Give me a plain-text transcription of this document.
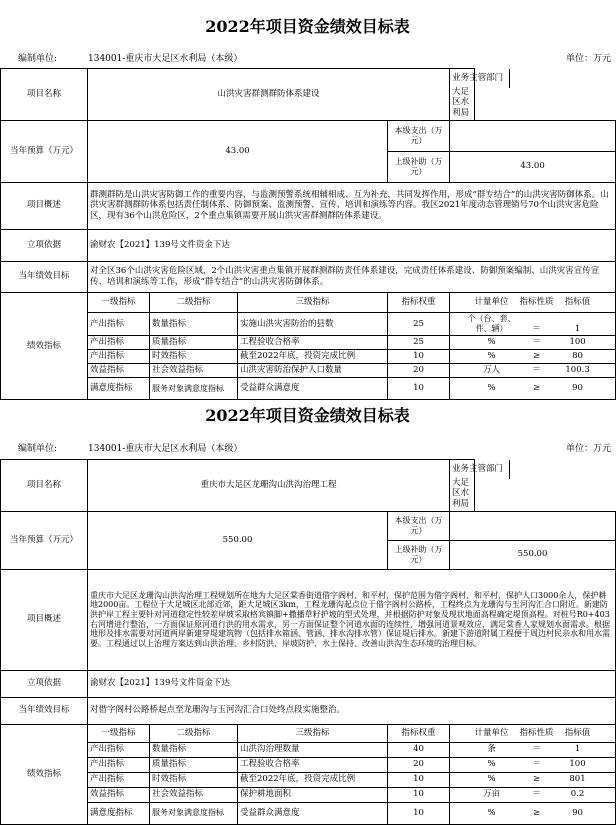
2022年项目资金绩效目标表
编制单位:	134001-重庆市大足区水利局（本级）	单位：万元
项目名称	山洪灾害群测群防体系建设				业务主管部门大足区水利局
当年预算（万元）	43.00			本级支出（万元）	
				上级补助（万元）	43.00
项目概述	群测群防是山洪灾害防御工作的重要内容，与监测预警系统相辅相成、互为补充，共同发挥作用，形成“群专结合”的山洪灾害防御体系。山洪灾害群测群防体系包括责任制体系、防御预案、监测预警、宣传、培训和演练等内容。我区2021年度动态管理销号70个山洪灾害危险区，现有36个山洪危险区，2个重点集镇需要开展山洪灾害群测群防体系建设。				
立项依据	渝财农【2021】139号文件资金下达				
当年绩效目标	对全区36个山洪灾害危险区域，2个山洪灾害重点集镇开展群测群防责任体系建设，完成责任体系建设、防御预案编制、山洪灾害宣传宣传、培训和演练等工作，形成“群专结合”的山洪灾害防御体系。				
绩效指标	一级指标	二级指标	三级指标	指标权重	计量单位 指标性质 指标值
	产出指标	数量指标	实施山洪灾害防治的县数	25	个（台、套、件、辆） ＝ 1
	产出指标	质量指标	工程验收合格率	25	% ＝ 100
	产出指标	时效指标	截至2022年底，投资完成比例	10	% ≥ 80
	效益指标	社会效益指标	山洪灾害防治保护人口数量	20	万人 ＝ 100.3
	满意度指标	服务对象满意度指标	受益群众满意度	10	% ≥ 90
2022年项目资金绩效目标表
编制单位:	134001-重庆市大足区水利局（本级）	单位：万元
项目名称	重庆市大足区龙珊沟山洪沟治理工程				业务主管部门大足区水利局
当年预算（万元）	550.00			本级支出（万元）	
				上级补助（万元）	550.00
项目概述	重庆市大足区龙珊沟山洪沟治理工程规划所在地为大足区棠香街道借字阁村、和平村，保护范围为借字阁村、和平村，保护人口3000余人，保护耕地2000亩。工程位于大足城区北部近郊，距大足城区3km，工程龙珊沟起点位于借字阁村公路桥，工程终点为龙珊沟与玉河沟汇合口附近。新建防洪护岸工程主要针对河道稳定性较差岸坡采取格宾镇脚+撒播草籽护坡的型式处理，并根据防护对象及现状地面高程确定堤顶高程。对桩号R0+403右河增进行整治，一方面保证原河道行洪的用水需求，另一方面保证整个河道水面的连续性，增强河道景观效应，满足棠香人家规划水面需求。根据地形及排水需要对河道两岸新建穿堤建筑物（包括排水箱涵、管涵、排水沟排水管）保证堤后排水。新建下游道附属工程便于周边村民亲水和用水需要。工程通过以上治理方案达到山洪治理、乡村防洪、岸坡防护、水土保持、改善山洪沟生态环境的治理目标。				
立项依据	渝财农【2021】139号文件资金下达				
当年绩效目标	对借字阁村公路桥起点至龙珊沟与玉河沟汇合口处终点段实施整治。				
绩效指标	一级指标	二级指标	三级指标	指标权重	计量单位 指标性质 指标值
	产出指标	数量指标	山洪沟治理数量	40	条 ＝ 1
	产出指标	质量指标	工程验收合格率	20	% ＝ 100
	产出指标	时效指标	截至2022年底，投资完成比例	10	% ≥ 801
	效益指标	社会效益指标	保护耕地面积	10	万亩 ＝ 0.2
	满意度指标	服务对象满意度指标	受益群众满意度	10	% ≥ 90
